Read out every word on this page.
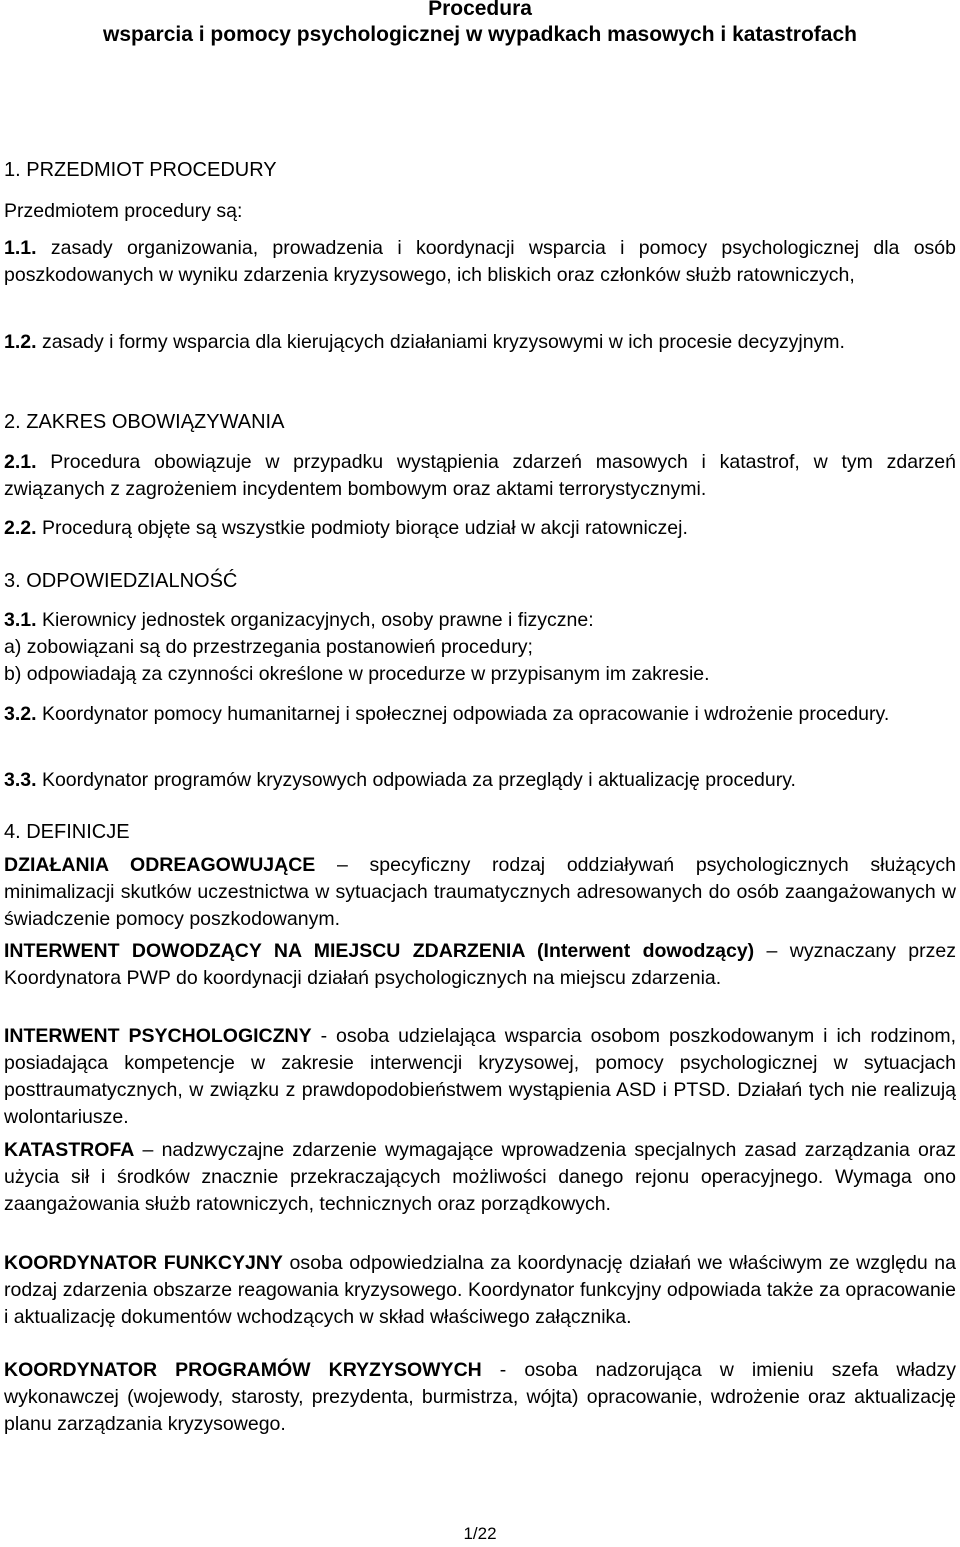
Procedura
wsparcia i pomocy psychologicznej w wypadkach masowych i katastrofach

1. PRZEDMIOT PROCEDURY

Przedmiotem procedury są:

1.1. zasady organizowania, prowadzenia i koordynacji wsparcia i pomocy psychologicznej dla osób poszkodowanych w wyniku zdarzenia kryzysowego, ich bliskich oraz członków służb ratowniczych,

1.2. zasady i formy wsparcia dla kierujących działaniami kryzysowymi w ich procesie decyzyjnym.

2. ZAKRES OBOWIĄZYWANIA

2.1. Procedura obowiązuje w przypadku wystąpienia zdarzeń masowych i katastrof, w tym zdarzeń związanych z zagrożeniem incydentem bombowym oraz aktami terrorystycznymi.

2.2. Procedurą objęte są wszystkie podmioty biorące udział w akcji ratowniczej.

3. ODPOWIEDZIALNOŚĆ

3.1. Kierownicy jednostek organizacyjnych, osoby prawne i fizyczne:

a) zobowiązani są do przestrzegania postanowień procedury;

b) odpowiadają za czynności określone w procedurze w przypisanym im zakresie.

3.2. Koordynator pomocy humanitarnej i społecznej odpowiada za opracowanie i wdrożenie procedury.

3.3. Koordynator programów kryzysowych odpowiada za przeglądy i aktualizację procedury.

4. DEFINICJE

DZIAŁANIA ODREAGOWUJĄCE – specyficzny rodzaj oddziaływań psychologicznych służących minimalizacji skutków uczestnictwa w sytuacjach traumatycznych adresowanych do osób zaangażowanych w świadczenie pomocy poszkodowanym.

INTERWENT DOWODZĄCY NA MIEJSCU ZDARZENIA (Interwent dowodzący) – wyznaczany przez Koordynatora PWP do koordynacji działań psychologicznych na miejscu zdarzenia.

INTERWENT PSYCHOLOGICZNY - osoba udzielająca wsparcia osobom poszkodowanym i ich rodzinom, posiadająca kompetencje w zakresie interwencji kryzysowej, pomocy psychologicznej w sytuacjach posttraumatycznych, w związku z prawdopodobieństwem wystąpienia ASD i PTSD. Działań tych nie realizują wolontariusze.

KATASTROFA – nadzwyczajne zdarzenie wymagające wprowadzenia specjalnych zasad zarządzania oraz użycia sił i środków znacznie przekraczających możliwości danego rejonu operacyjnego. Wymaga ono zaangażowania służb ratowniczych, technicznych oraz porządkowych.

KOORDYNATOR FUNKCYJNY osoba odpowiedzialna za koordynację działań we właściwym ze względu na rodzaj zdarzenia obszarze reagowania kryzysowego. Koordynator funkcyjny odpowiada także za opracowanie i aktualizację dokumentów wchodzących w skład właściwego załącznika.

KOORDYNATOR PROGRAMÓW KRYZYSOWYCH - osoba nadzorująca w imieniu szefa władzy wykonawczej (wojewody, starosty, prezydenta, burmistrza, wójta) opracowanie, wdrożenie oraz aktualizację planu zarządzania kryzysowego.

1/22
